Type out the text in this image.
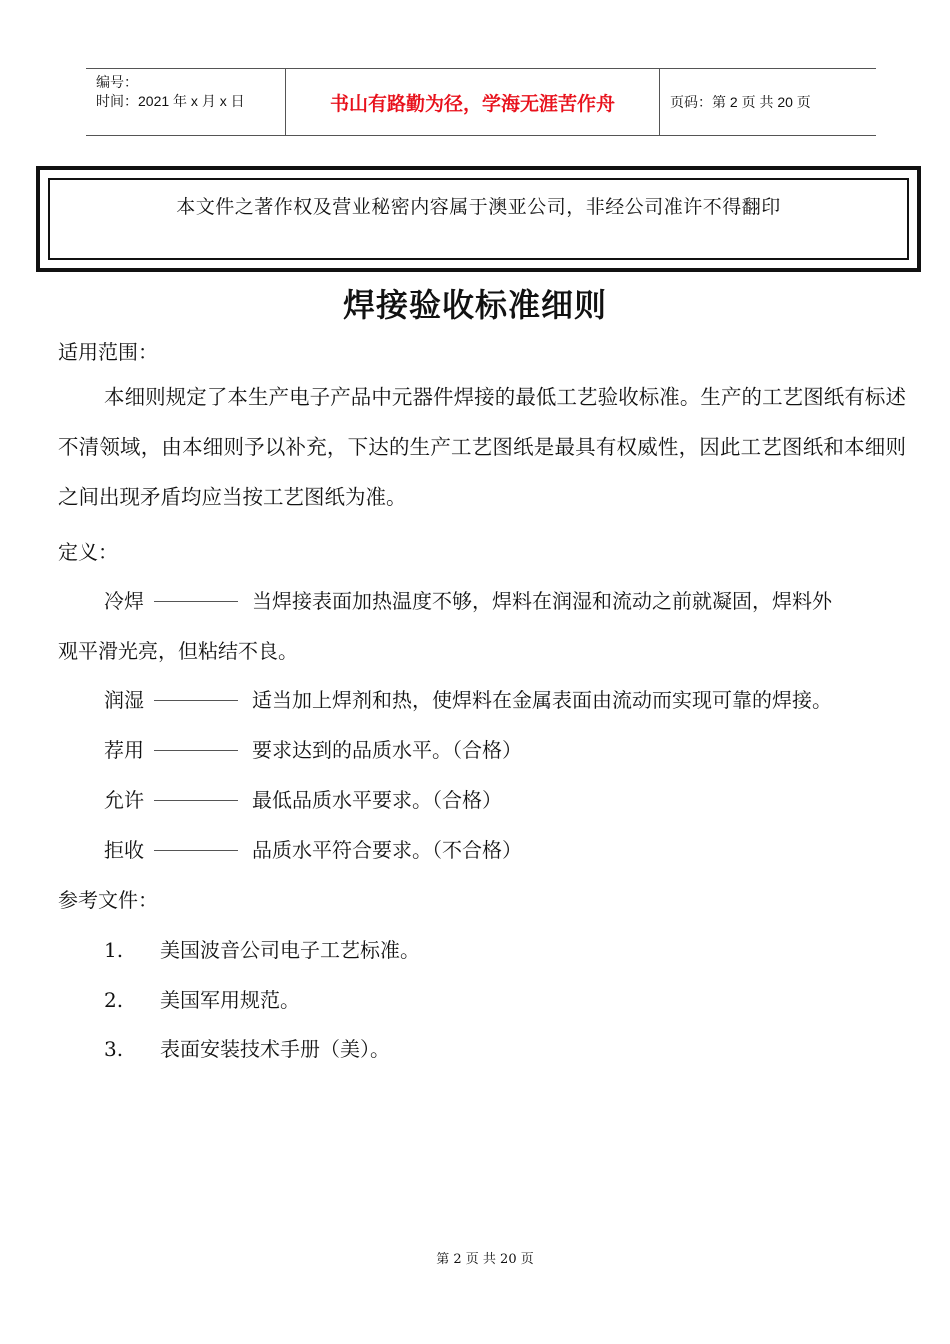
编号：
时间：2021 年 x 月 x 日	书山有路勤为径，学海无涯苦作舟	页码：第 2 页 共 20 页
本文件之著作权及营业秘密内容属于澳亚公司，非经公司准许不得翻印
焊接验收标准细则
适用范围：
本细则规定了本生产电子产品中元器件焊接的最低工艺验收标准。生产的工艺图纸有标述不清领域，由本细则予以补充，下达的生产工艺图纸是最具有权威性，因此工艺图纸和本细则之间出现矛盾均应当按工艺图纸为准。
定义：
冷焊	当焊接表面加热温度不够，焊料在润湿和流动之前就凝固，焊料外
观平滑光亮，但粘结不良。
润湿	适当加上焊剂和热，使焊料在金属表面由流动而实现可靠的焊接。
荐用	要求达到的品质水平。（合格）
允许	最低品质水平要求。（合格）
拒收	品质水平符合要求。（不合格）
参考文件：
1. 美国波音公司电子工艺标准。
2. 美国军用规范。
3. 表面安装技术手册（美）。
第 2 页 共 20 页
